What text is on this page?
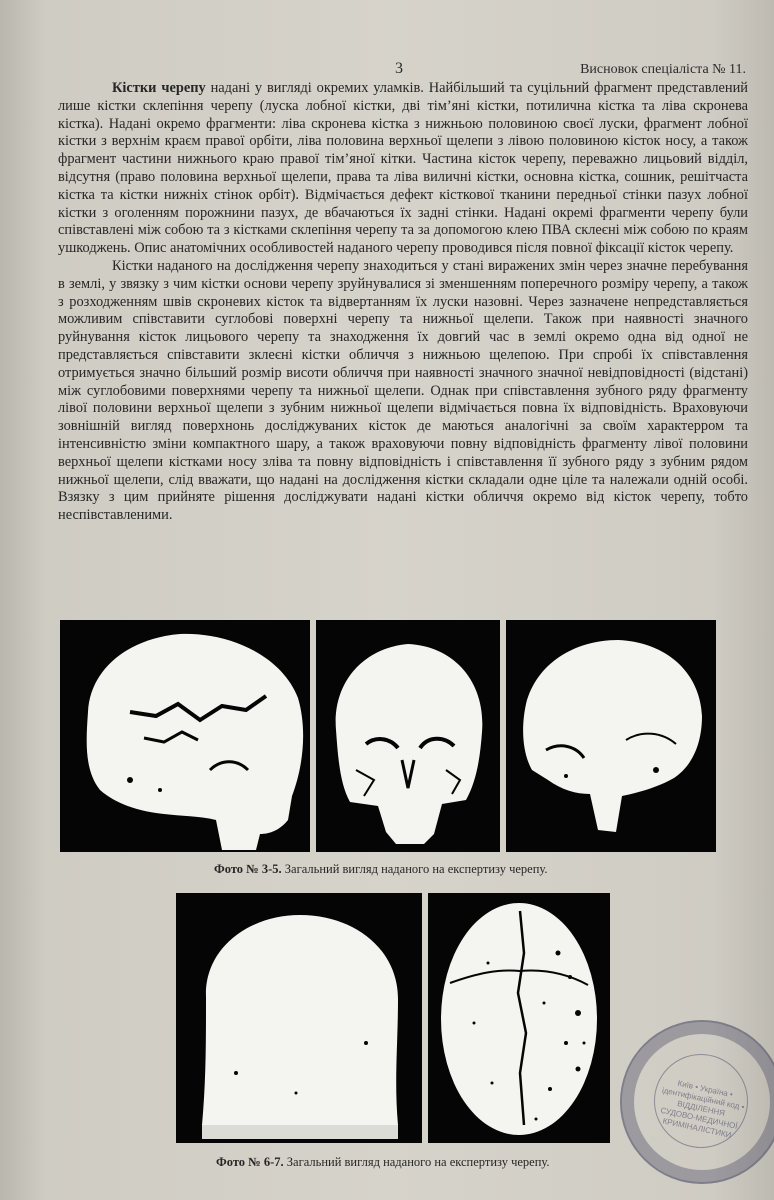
3	Висновок спеціаліста № 11.

Кістки черепу надані у вигляді окремих уламків. Найбільший та суцільний фрагмент представлений лише кістки склепіння черепу (луска лобної кістки, дві тім’яні кістки, потилична кістка та ліва скронева кістка). Надані окремо фрагменти: ліва скронева кістка з нижньою половиною своєї луски, фрагмент лобної кістки з верхнім краєм правої орбіти, ліва половина верхньої щелепи з лівою половиною кісток носу, а також фрагмент частини нижнього краю правої тім’яної кітки. Частина кісток черепу, переважно лицьовий відділ, відсутня (право половина верхньої щелепи, права та ліва виличні кістки, основна кістка, сошник, решітчаста кістка та кістки нижніх стінок орбіт). Відмічається дефект кісткової тканини передньої стінки пазух лобної кістки з оголенням порожнини пазух, де вбачаються їх задні стінки. Надані окремі фрагменти черепу були співставлені між собою та з кістками склепіння черепу та за допомогою клею ПВА склеєні між собою по краям ушкоджень. Опис анатомічних особливостей наданого черепу проводився після повної фіксації кісток черепу.

Кістки наданого на дослідження черепу знаходиться у стані виражених змін через значне перебування в землі, у звязку з чим кістки основи черепу зруйнувалися зі зменшенням поперечного розміру черепу, а також з розходженням швів скроневих кісток та відвертанням їх луски назовні. Через зазначене непредставляється можливим співставити суглобові поверхні черепу та нижньої щелепи. Також при наявності значного руйнування кісток лицьового черепу та знаходження їх довгий час в землі окремо одна від одної не представляється співставити зклеєні кістки обличчя з нижньою щелепою. При спробі їх співставлення отримується значно більший розмір висоти обличчя при наявності значного значної невідповідності (відстані) між суглобовими поверхнями черепу та нижньої щелепи. Однак при співставлення зубного ряду фрагменту лівої половини верхньої щелепи з зубним нижньої щелепи відмічається повна їх відповідність. Враховуючи зовнішній вигляд поверхнонь досліджуваних кісток де маються аналогічні за своїм характерром та інтенсивністю зміни компактного шару, а також враховуючи повну відповідність фрагменту лівої половини верхньої щелепи кістками носу зліва та повну відповідність і співставлення її зубного ряду з зубним рядом нижньої щелепи, слід вважати, що надані на дослідження кістки складали одне ціле та належали одній особі. Взязку з цим прийняте рішення досліджувати надані кістки обличчя окремо від кісток черепу, тобто неспівставленими.

Фото № 3-5. Загальний вигляд наданого на експертизу черепу.
Фото № 6-7. Загальний вигляд наданого на експертизу черепу.
Київ • Україна • ідентифікаційний код • ВІДДІЛЕННЯ СУДОВО-МЕДИЧНОЇ КРИМІНАЛІСТИКИ
